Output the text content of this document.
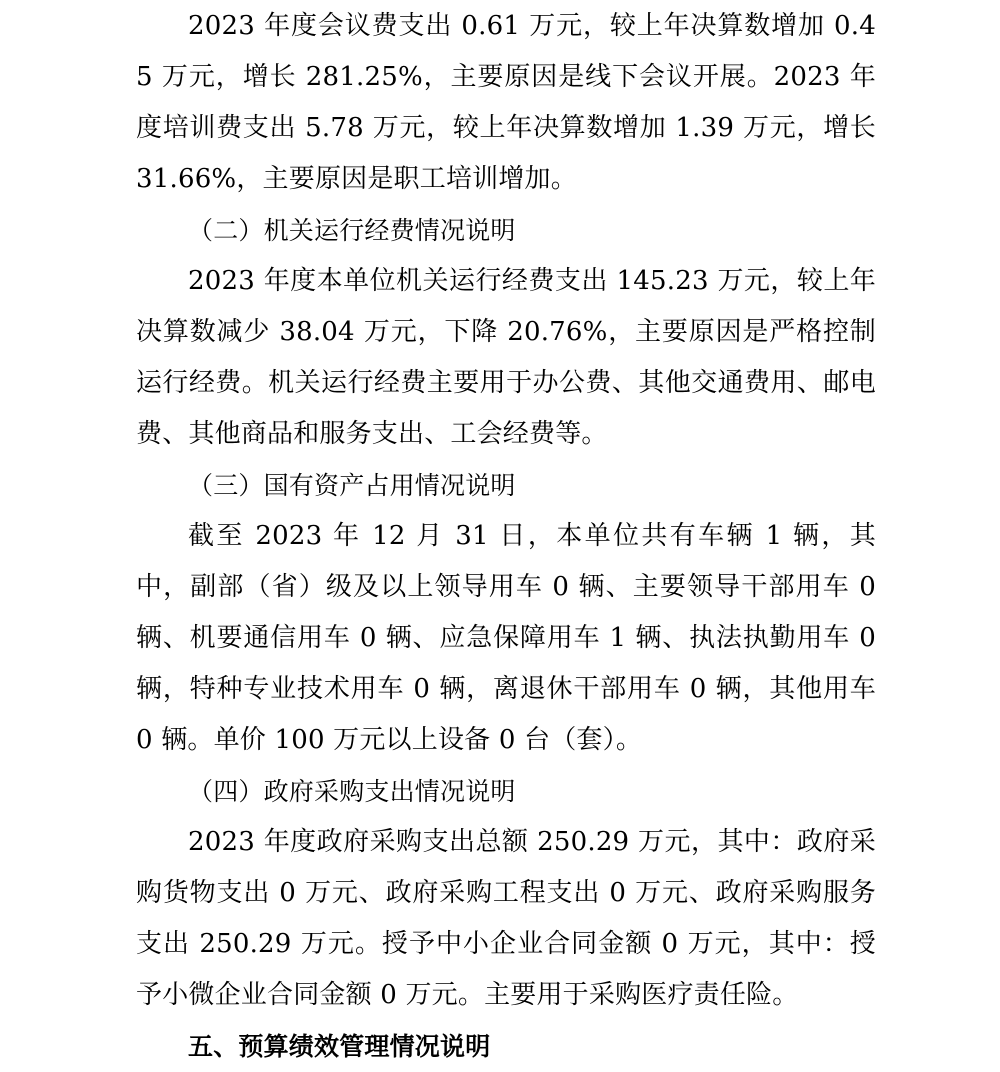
2023 年度会议费支出 0.61 万元，较上年决算数增加 0.45 万元，增长 281.25%，主要原因是线下会议开展。2023 年度培训费支出 5.78 万元，较上年决算数增加 1.39 万元，增长 31.66%，主要原因是职工培训增加。

（二）机关运行经费情况说明

2023 年度本单位机关运行经费支出 145.23 万元，较上年决算数减少 38.04 万元，下降 20.76%，主要原因是严格控制运行经费。机关运行经费主要用于办公费、其他交通费用、邮电费、其他商品和服务支出、工会经费等。

（三）国有资产占用情况说明

截至 2023 年 12 月 31 日，本单位共有车辆 1 辆，其中，副部（省）级及以上领导用车 0 辆、主要领导干部用车 0 辆、机要通信用车 0 辆、应急保障用车 1 辆、执法执勤用车 0 辆，特种专业技术用车 0 辆，离退休干部用车 0 辆，其他用车 0 辆。单价 100 万元以上设备 0 台（套）。

（四）政府采购支出情况说明

2023 年度政府采购支出总额 250.29 万元，其中：政府采购货物支出 0 万元、政府采购工程支出 0 万元、政府采购服务支出 250.29 万元。授予中小企业合同金额 0 万元，其中：授予小微企业合同金额 0 万元。主要用于采购医疗责任险。

五、预算绩效管理情况说明
